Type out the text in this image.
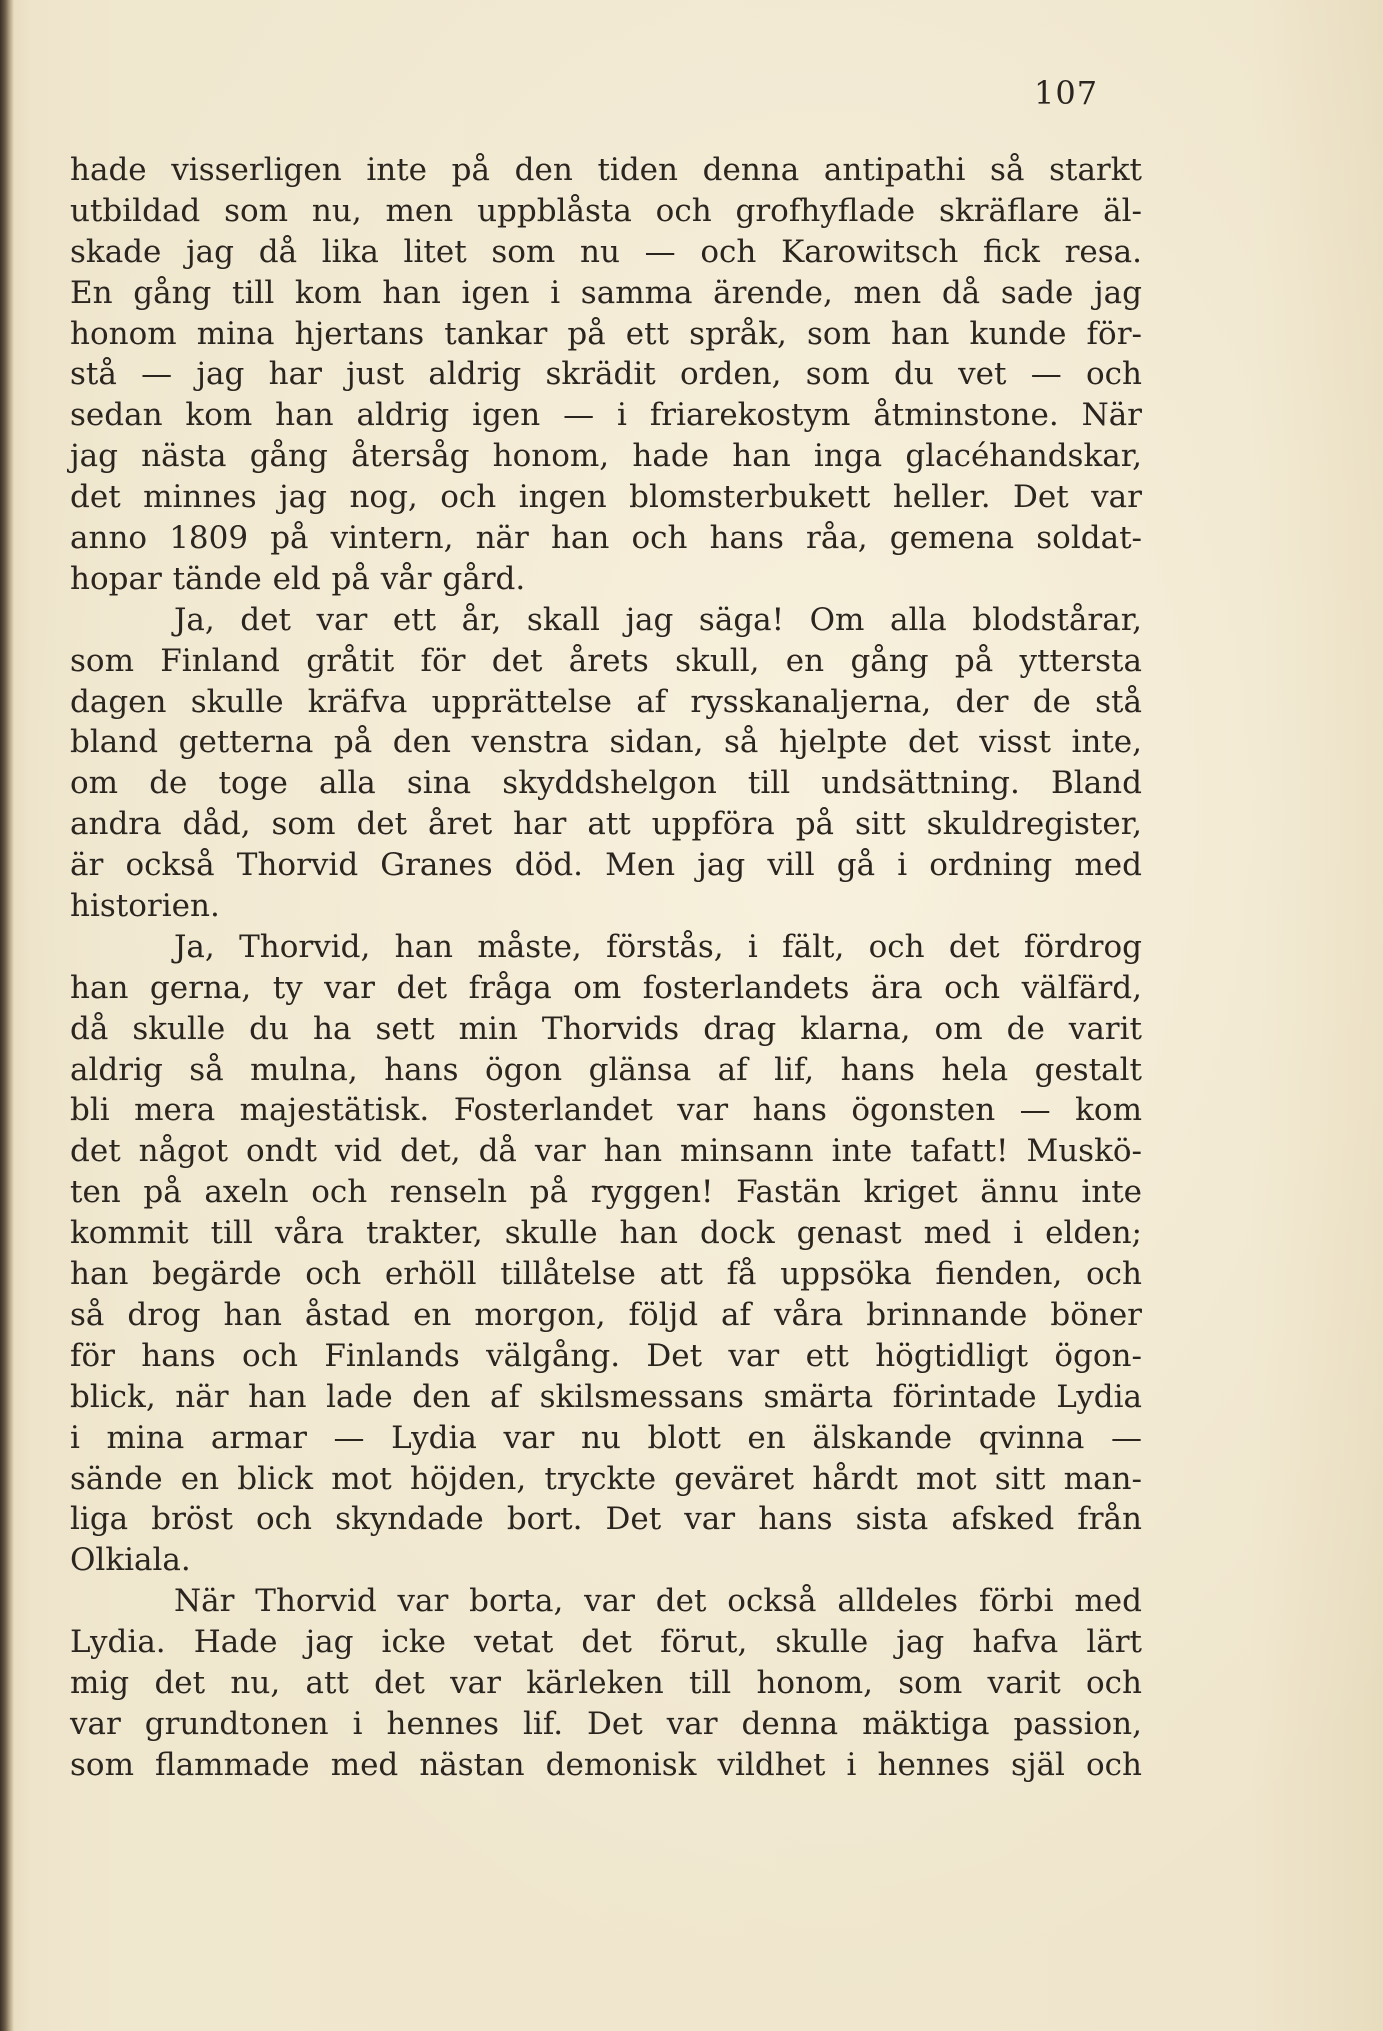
107
hade visserligen inte på den tiden denna antipathi så starkt
utbildad som nu, men uppblåsta och grofhyflade skräflare äl-
skade jag då lika litet som nu — och Karowitsch fick resa.
En gång till kom han igen i samma ärende, men då sade jag
honom mina hjertans tankar på ett språk, som han kunde för-
stå — jag har just aldrig skrädit orden, som du vet — och
sedan kom han aldrig igen — i friarekostym åtminstone. När
jag nästa gång återsåg honom, hade han inga glacéhandskar,
det minnes jag nog, och ingen blomsterbukett heller. Det var
anno 1809 på vintern, när han och hans råa, gemena soldat-
hopar tände eld på vår gård.
Ja, det var ett år, skall jag säga! Om alla blodstårar,
som Finland gråtit för det årets skull, en gång på yttersta
dagen skulle kräfva upprättelse af rysskanaljerna, der de stå
bland getterna på den venstra sidan, så hjelpte det visst inte,
om de toge alla sina skyddshelgon till undsättning. Bland
andra dåd, som det året har att uppföra på sitt skuldregister,
är också Thorvid Granes död. Men jag vill gå i ordning med
historien.
Ja, Thorvid, han måste, förstås, i fält, och det fördrog
han gerna, ty var det fråga om fosterlandets ära och välfärd,
då skulle du ha sett min Thorvids drag klarna, om de varit
aldrig så mulna, hans ögon glänsa af lif, hans hela gestalt
bli mera majestätisk. Fosterlandet var hans ögonsten — kom
det något ondt vid det, då var han minsann inte tafatt! Muskö-
ten på axeln och renseln på ryggen! Fastän kriget ännu inte
kommit till våra trakter, skulle han dock genast med i elden;
han begärde och erhöll tillåtelse att få uppsöka fienden, och
så drog han åstad en morgon, följd af våra brinnande böner
för hans och Finlands välgång. Det var ett högtidligt ögon-
blick, när han lade den af skilsmessans smärta förintade Lydia
i mina armar — Lydia var nu blott en älskande qvinna —
sände en blick mot höjden, tryckte geväret hårdt mot sitt man-
liga bröst och skyndade bort. Det var hans sista afsked från
Olkiala.
När Thorvid var borta, var det också alldeles förbi med
Lydia. Hade jag icke vetat det förut, skulle jag hafva lärt
mig det nu, att det var kärleken till honom, som varit och
var grundtonen i hennes lif. Det var denna mäktiga passion,
som flammade med nästan demonisk vildhet i hennes själ och
